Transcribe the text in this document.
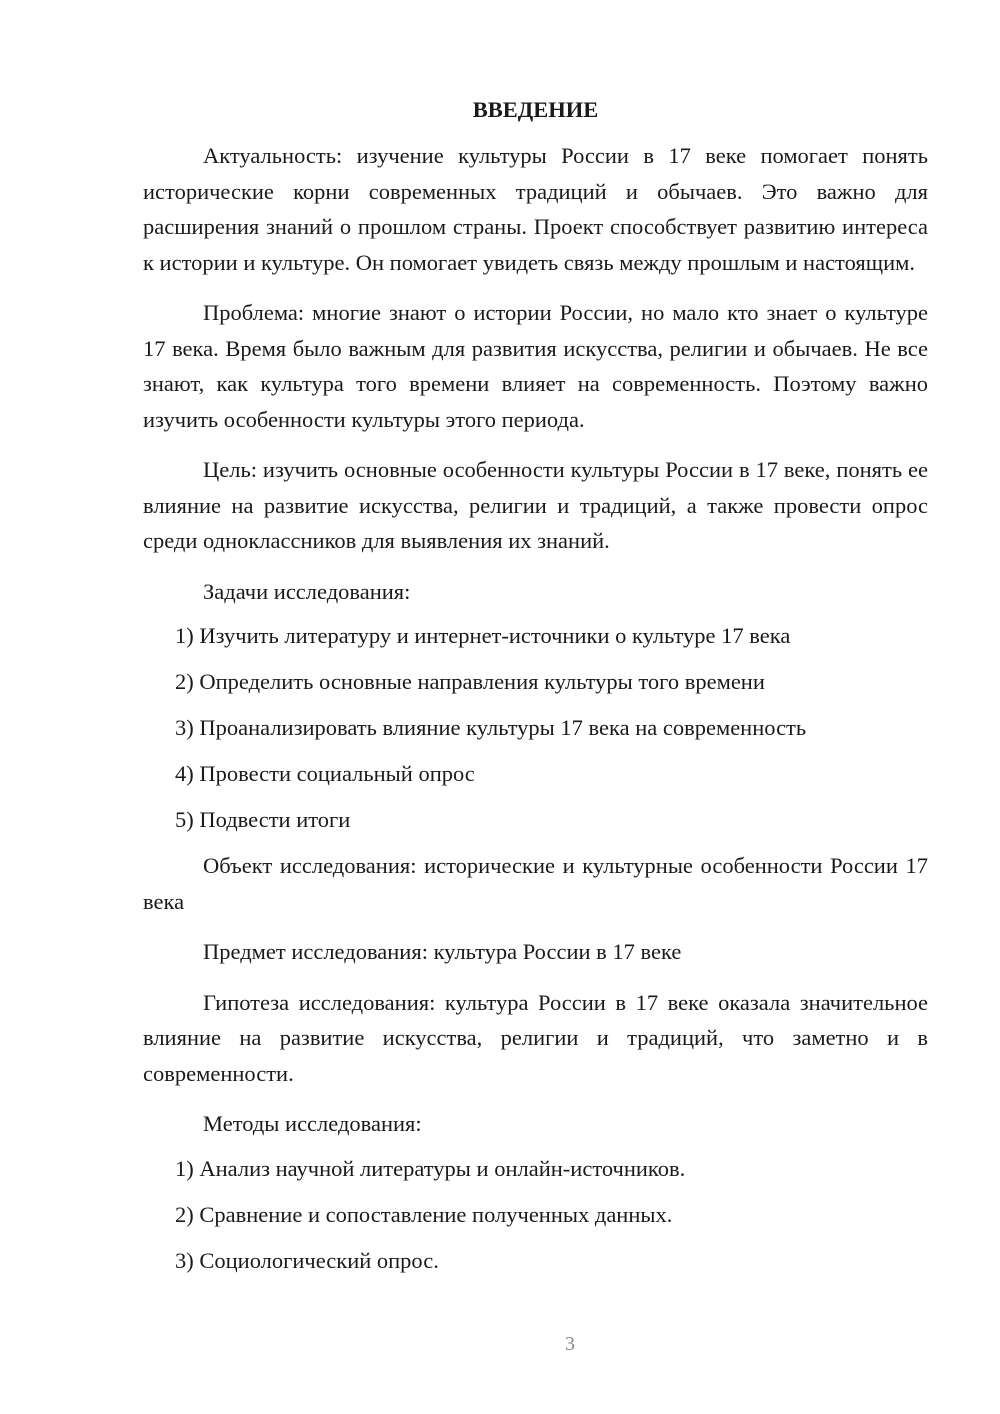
ВВЕДЕНИЕ

Актуальность: изучение культуры России в 17 веке помогает понять исторические корни современных традиций и обычаев. Это важно для расширения знаний о прошлом страны. Проект способствует развитию интереса к истории и культуре. Он помогает увидеть связь между прошлым и настоящим.

Проблема: многие знают о истории России, но мало кто знает о культуре 17 века. Время было важным для развития искусства, религии и обычаев. Не все знают, как культура того времени влияет на современность. Поэтому важно изучить особенности культуры этого периода.

Цель: изучить основные особенности культуры России в 17 веке, понять ее влияние на развитие искусства, религии и традиций, а также провести опрос среди одноклассников для выявления их знаний.

Задачи исследования:

1) Изучить литературу и интернет-источники о культуре 17 века

2) Определить основные направления культуры того времени

3) Проанализировать влияние культуры 17 века на современность

4) Провести социальный опрос

5) Подвести итоги

Объект исследования: исторические и культурные особенности России 17 века

Предмет исследования: культура России в 17 веке

Гипотеза исследования: культура России в 17 веке оказала значительное влияние на развитие искусства, религии и традиций, что заметно и в современности.

Методы исследования:

1) Анализ научной литературы и онлайн-источников.

2) Сравнение и сопоставление полученных данных.

3) Социологический опрос.

3
